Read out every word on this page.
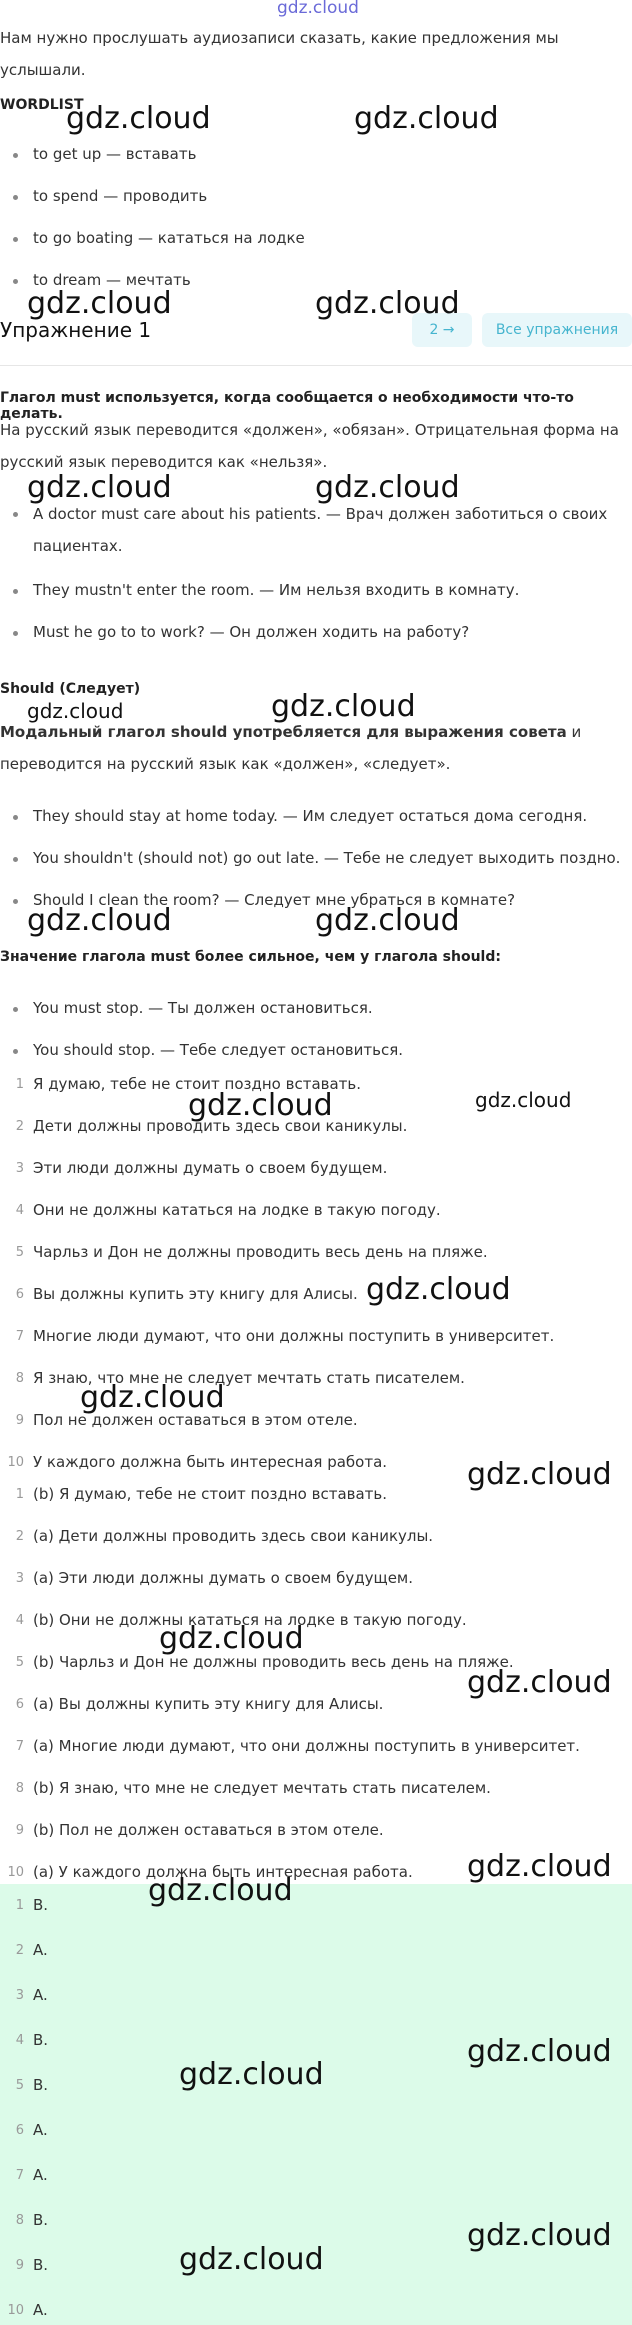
gdz.cloud

Нам нужно прослушать аудиозаписи сказать, какие предложения мы услышали.

WORDLIST
to get up — вставать
to spend — проводить
to go boating — кататься на лодке
to dream — мечтать
Упражнение 1	2 →	Все упражнения
Глагол must используется, когда сообщается о необходимости что-то делать.

На русский язык переводится «должен», «обязан». Отрицательная форма на русский язык переводится как «нельзя».

A doctor must care about his patients. — Врач должен заботиться о своих пациентах.
They mustn't enter the room. — Им нельзя входить в комнату.
Must he go to to work? — Он должен ходить на работу?
Should (Следует)

Модальный глагол should употребляется для выражения совета и переводится на русский язык как «должен», «следует».

They should stay at home today. — Им следует остаться дома сегодня.
You shouldn't (should not) go out late. — Тебе не следует выходить поздно.
Should I clean the room? — Следует мне убраться в комнате?
Значение глагола must более сильное, чем у глагола should:
You must stop. — Ты должен остановиться.
You should stop. — Тебе следует остановиться.
1 Я думаю, тебе не стоит поздно вставать.
2 Дети должны проводить здесь свои каникулы.
3 Эти люди должны думать о своем будущем.
4 Они не должны кататься на лодке в такую погоду.
5 Чарльз и Дон не должны проводить весь день на пляже.
6 Вы должны купить эту книгу для Алисы.
7 Многие люди думают, что они должны поступить в университет.
8 Я знаю, что мне не следует мечтать стать писателем.
9 Пол не должен оставаться в этом отеле.
10 У каждого должна быть интересная работа.
1 (b) Я думаю, тебе не стоит поздно вставать.
2 (a) Дети должны проводить здесь свои каникулы.
3 (a) Эти люди должны думать о своем будущем.
4 (b) Они не должны кататься на лодке в такую погоду.
5 (b) Чарльз и Дон не должны проводить весь день на пляже.
6 (a) Вы должны купить эту книгу для Алисы.
7 (a) Многие люди думают, что они должны поступить в университет.
8 (b) Я знаю, что мне не следует мечтать стать писателем.
9 (b) Пол не должен оставаться в этом отеле.
10 (a) У каждого должна быть интересная работа.
1 B.
2 A.
3 A.
4 B.
5 B.
6 A.
7 A.
8 B.
9 B.
10 A.
gdz.cloud	gdz.cloud
gdz.cloud	gdz.cloud
gdz.cloud	gdz.cloud
gdz.cloud	gdz.cloud
gdz.cloud	gdz.cloud
gdz.cloud	gdz.cloud
gdz.cloud
gdz.cloud
gdz.cloud
gdz.cloud
gdz.cloud
gdz.cloud
gdz.cloud
gdz.cloud
gdz.cloud
gdz.cloud
gdz.cloud
